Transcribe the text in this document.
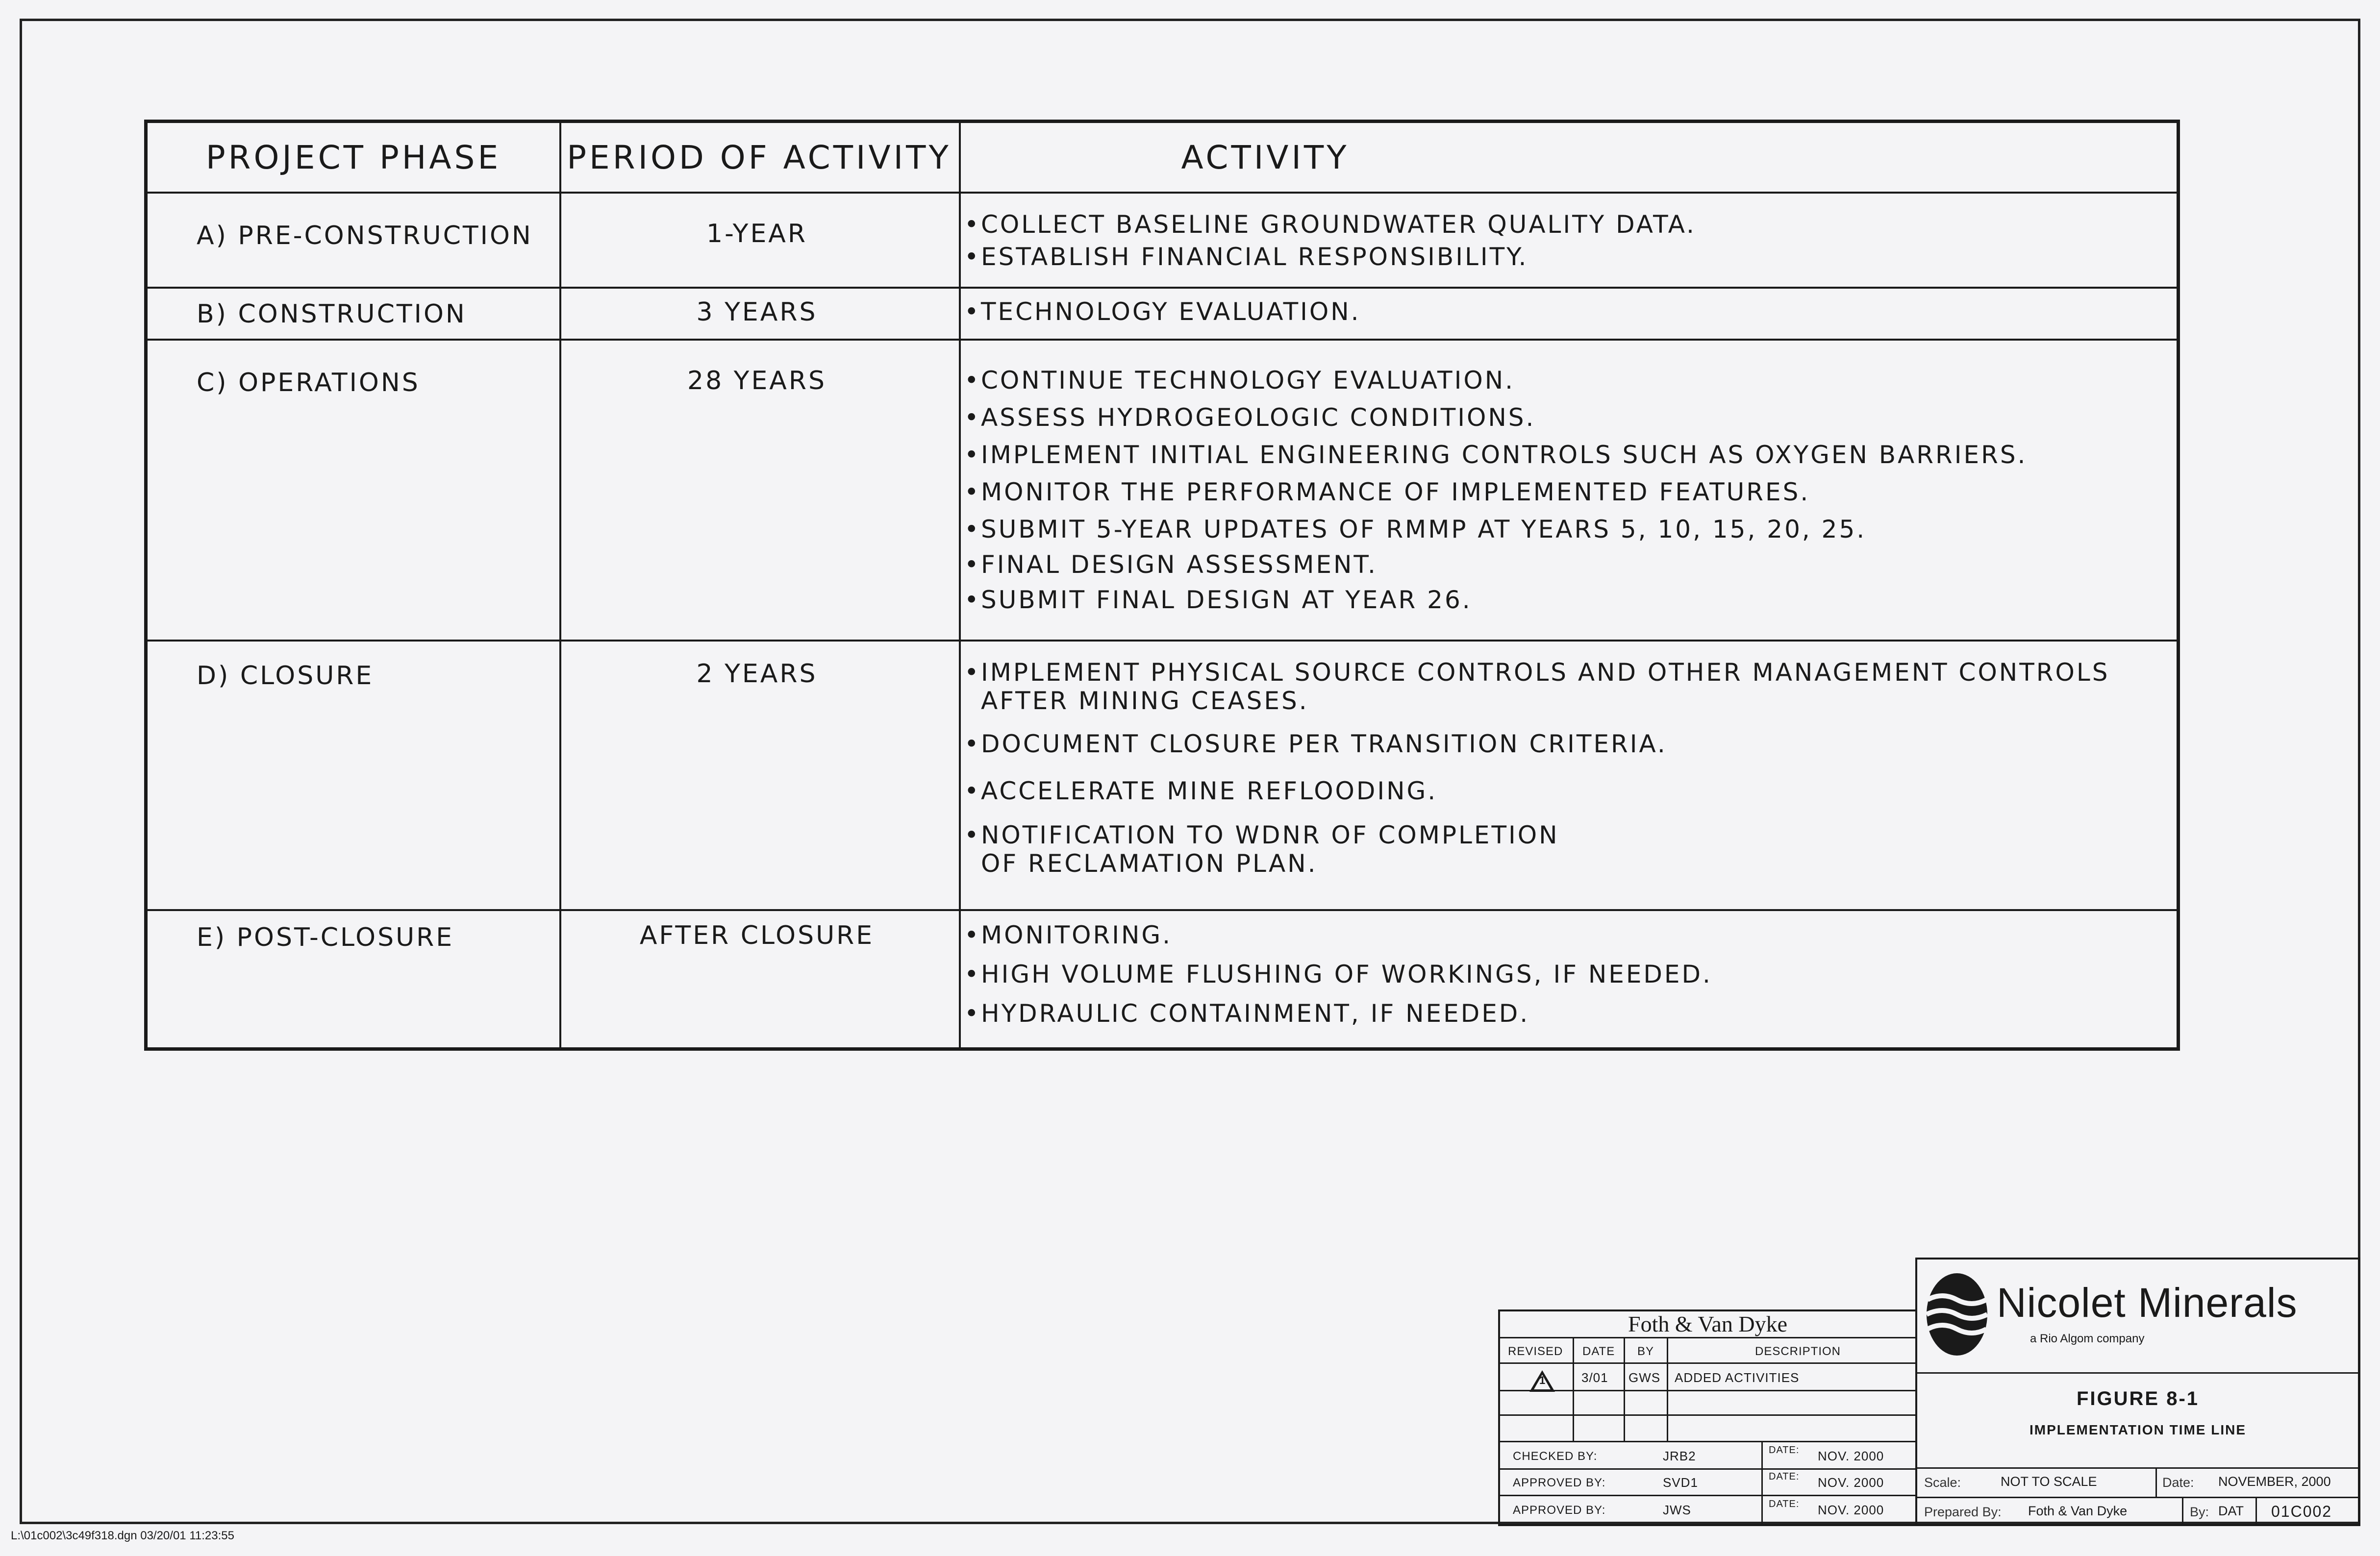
PROJECT PHASE	PERIOD OF ACTIVITY	ACTIVITY
A) PRE-CONSTRUCTION	1-YEAR	• COLLECT BASELINE GROUNDWATER QUALITY DATA.
• ESTABLISH FINANCIAL RESPONSIBILITY.
B) CONSTRUCTION	3 YEARS	• TECHNOLOGY EVALUATION.
C) OPERATIONS	28 YEARS	• CONTINUE TECHNOLOGY EVALUATION.
• ASSESS HYDROGEOLOGIC CONDITIONS.
• IMPLEMENT INITIAL ENGINEERING CONTROLS SUCH AS OXYGEN BARRIERS.
• MONITOR THE PERFORMANCE OF IMPLEMENTED FEATURES.
• SUBMIT 5-YEAR UPDATES OF RMMP AT YEARS 5, 10, 15, 20, 25.
• FINAL DESIGN ASSESSMENT.
• SUBMIT FINAL DESIGN AT YEAR 26.
D) CLOSURE	2 YEARS	• IMPLEMENT PHYSICAL SOURCE CONTROLS AND OTHER MANAGEMENT CONTROLS
AFTER MINING CEASES.
• DOCUMENT CLOSURE PER TRANSITION CRITERIA.
• ACCELERATE MINE REFLOODING.
• NOTIFICATION TO WDNR OF COMPLETION
OF RECLAMATION PLAN.
E) POST-CLOSURE	AFTER CLOSURE	• MONITORING.
• HIGH VOLUME FLUSHING OF WORKINGS, IF NEEDED.
• HYDRAULIC CONTAINMENT, IF NEEDED.
Foth & Van Dyke
REVISED DATE BY	DESCRIPTION
1	3/01 GWS ADDED ACTIVITIES
CHECKED BY:	JRB2	DATE: NOV. 2000
APPROVED BY:	SVD1	DATE: NOV. 2000
APPROVED BY:	JWS	DATE: NOV. 2000
Nicolet Minerals
a Rio Algom company
FIGURE 8-1
IMPLEMENTATION TIME LINE
Scale:	NOT TO SCALE	Date: NOVEMBER, 2000
Prepared By: Foth & Van Dyke	By: DAT 01C002
L:\01c002\3c49f318.dgn 03/20/01 11:23:55
